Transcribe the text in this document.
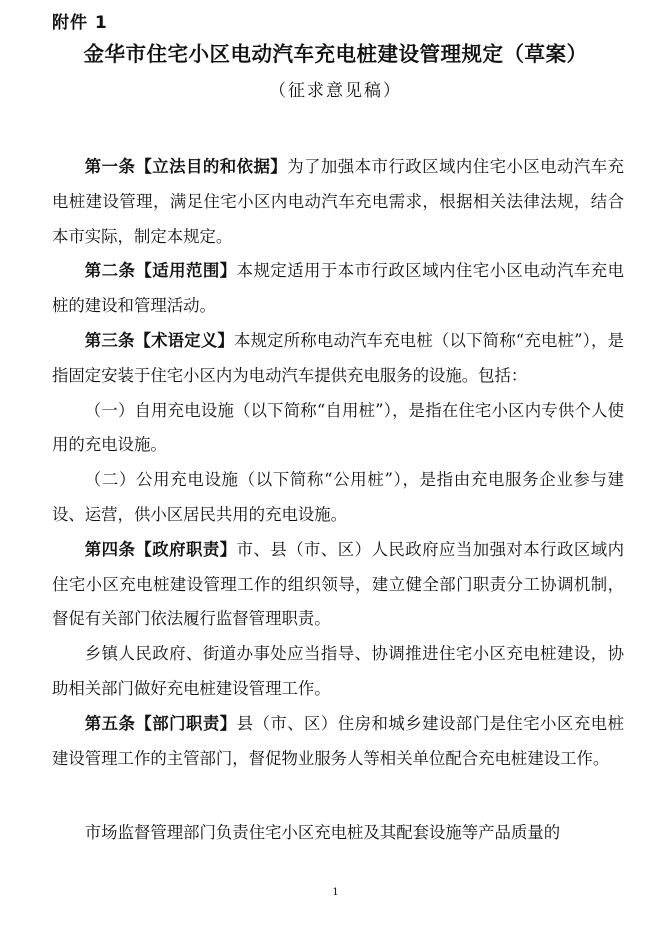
附件 1
金华市住宅小区电动汽车充电桩建设管理规定（草案）
（征求意见稿）

第一条【立法目的和依据】为了加强本市行政区域内住宅小区电动汽车充电桩建设管理，满足住宅小区内电动汽车充电需求，根据相关法律法规，结合本市实际，制定本规定。

第二条【适用范围】本规定适用于本市行政区域内住宅小区电动汽车充电桩的建设和管理活动。

第三条【术语定义】本规定所称电动汽车充电桩（以下简称“充电桩”），是指固定安装于住宅小区内为电动汽车提供充电服务的设施。包括：

（一）自用充电设施（以下简称“自用桩”），是指在住宅小区内专供个人使用的充电设施。

（二）公用充电设施（以下简称“公用桩”），是指由充电服务企业参与建设、运营，供小区居民共用的充电设施。

第四条【政府职责】市、县（市、区）人民政府应当加强对本行政区域内住宅小区充电桩建设管理工作的组织领导，建立健全部门职责分工协调机制，督促有关部门依法履行监督管理职责。

乡镇人民政府、街道办事处应当指导、协调推进住宅小区充电桩建设，协助相关部门做好充电桩建设管理工作。

第五条【部门职责】县（市、区）住房和城乡建设部门是住宅小区充电桩建设管理工作的主管部门，督促物业服务人等相关单位配合充电桩建设工作。

市场监督管理部门负责住宅小区充电桩及其配套设施等产品质量的

1
